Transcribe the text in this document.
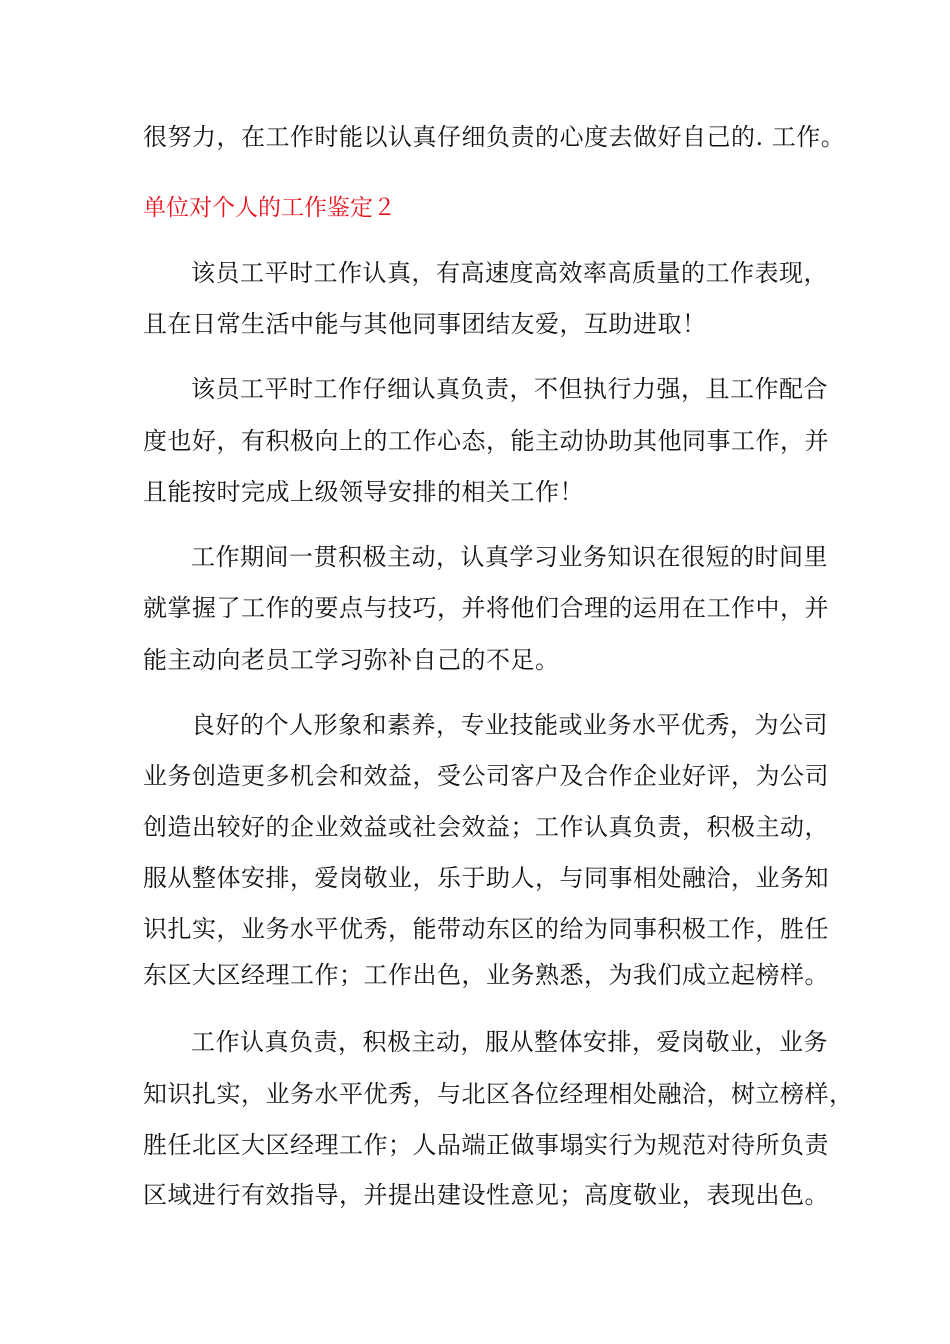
很努力，在工作时能以认真仔细负责的心度去做好自己的. 工作。
单位对个人的工作鉴定２
该员工平时工作认真，有高速度高效率高质量的工作表现，
且在日常生活中能与其他同事团结友爱，互助进取！
该员工平时工作仔细认真负责，不但执行力强，且工作配合
度也好，有积极向上的工作心态，能主动协助其他同事工作，并
且能按时完成上级领导安排的相关工作！
工作期间一贯积极主动，认真学习业务知识在很短的时间里
就掌握了工作的要点与技巧，并将他们合理的运用在工作中，并
能主动向老员工学习弥补自己的不足。
良好的个人形象和素养，专业技能或业务水平优秀，为公司
业务创造更多机会和效益，受公司客户及合作企业好评，为公司
创造出较好的企业效益或社会效益；工作认真负责，积极主动，
服从整体安排，爱岗敬业，乐于助人，与同事相处融洽，业务知
识扎实，业务水平优秀，能带动东区的给为同事积极工作，胜任
东区大区经理工作；工作出色，业务熟悉，为我们成立起榜样。
工作认真负责，积极主动，服从整体安排，爱岗敬业，业务
知识扎实，业务水平优秀，与北区各位经理相处融洽，树立榜样，
胜任北区大区经理工作；人品端正做事塌实行为规范对待所负责
区域进行有效指导，并提出建设性意见；高度敬业，表现出色。
